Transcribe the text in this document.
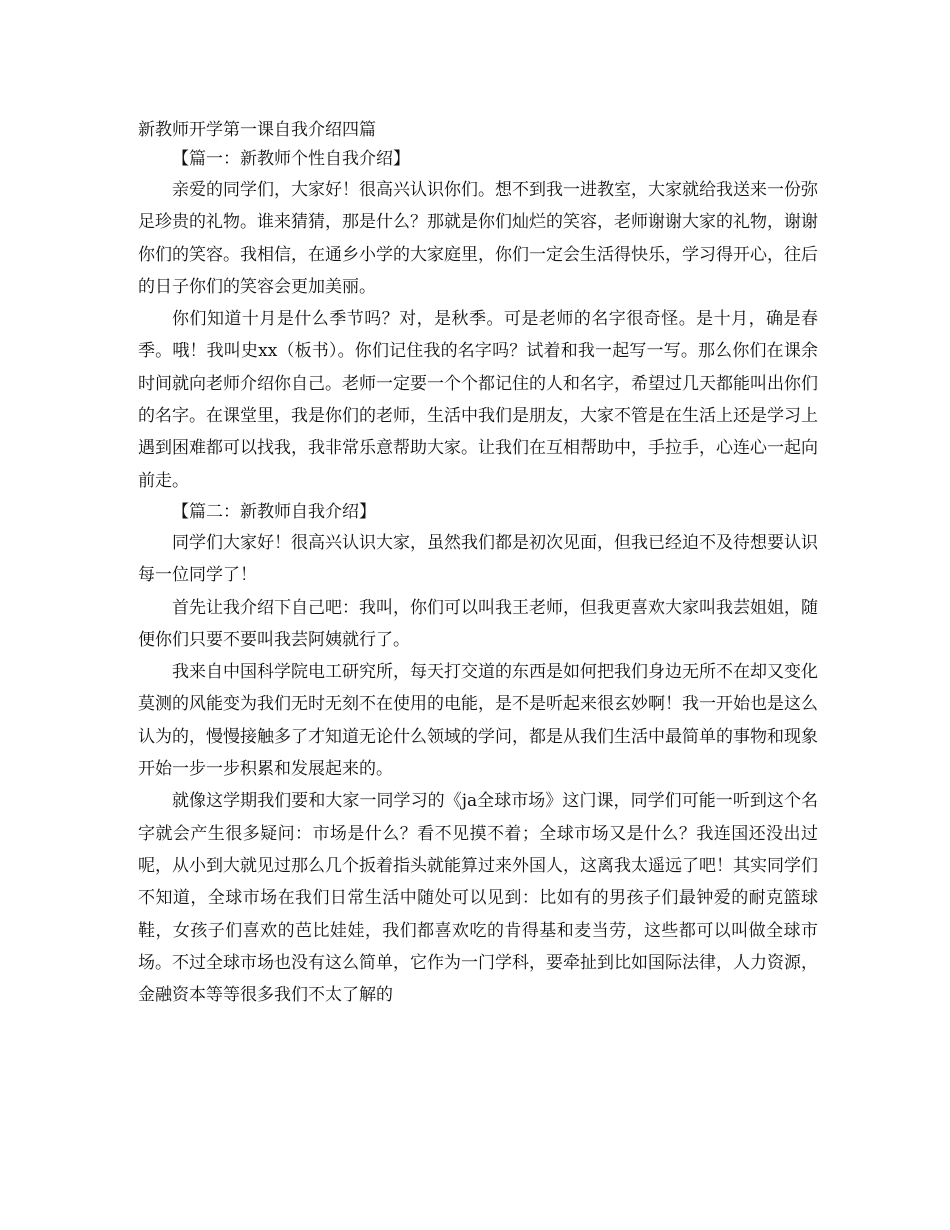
新教师开学第一课自我介绍四篇
【篇一：新教师个性自我介绍】

亲爱的同学们，大家好！很高兴认识你们。想不到我一进教室，大家就给我送来一份弥足珍贵的礼物。谁来猜猜，那是什么？那就是你们灿烂的笑容，老师谢谢大家的礼物，谢谢你们的笑容。我相信，在通乡小学的大家庭里，你们一定会生活得快乐，学习得开心，往后的日子你们的笑容会更加美丽。

你们知道十月是什么季节吗？对，是秋季。可是老师的名字很奇怪。是十月，确是春季。哦！我叫史xx（板书）。你们记住我的名字吗？试着和我一起写一写。那么你们在课余时间就向老师介绍你自己。老师一定要一个个都记住的人和名字，希望过几天都能叫出你们的名字。在课堂里，我是你们的老师，生活中我们是朋友，大家不管是在生活上还是学习上遇到困难都可以找我，我非常乐意帮助大家。让我们在互相帮助中，手拉手，心连心一起向前走。

【篇二：新教师自我介绍】

同学们大家好！很高兴认识大家，虽然我们都是初次见面，但我已经迫不及待想要认识每一位同学了！

首先让我介绍下自己吧：我叫，你们可以叫我王老师，但我更喜欢大家叫我芸姐姐，随便你们只要不要叫我芸阿姨就行了。

我来自中国科学院电工研究所，每天打交道的东西是如何把我们身边无所不在却又变化莫测的风能变为我们无时无刻不在使用的电能，是不是听起来很玄妙啊！我一开始也是这么认为的，慢慢接触多了才知道无论什么领域的学问，都是从我们生活中最简单的事物和现象开始一步一步积累和发展起来的。

就像这学期我们要和大家一同学习的《ja全球市场》这门课，同学们可能一听到这个名字就会产生很多疑问：市场是什么？看不见摸不着；全球市场又是什么？我连国还没出过呢，从小到大就见过那么几个扳着指头就能算过来外国人，这离我太遥远了吧！其实同学们不知道，全球市场在我们日常生活中随处可以见到：比如有的男孩子们最钟爱的耐克篮球鞋，女孩子们喜欢的芭比娃娃，我们都喜欢吃的肯得基和麦当劳，这些都可以叫做全球市场。不过全球市场也没有这么简单，它作为一门学科，要牵扯到比如国际法律，人力资源，金融资本等等很多我们不太了解的
